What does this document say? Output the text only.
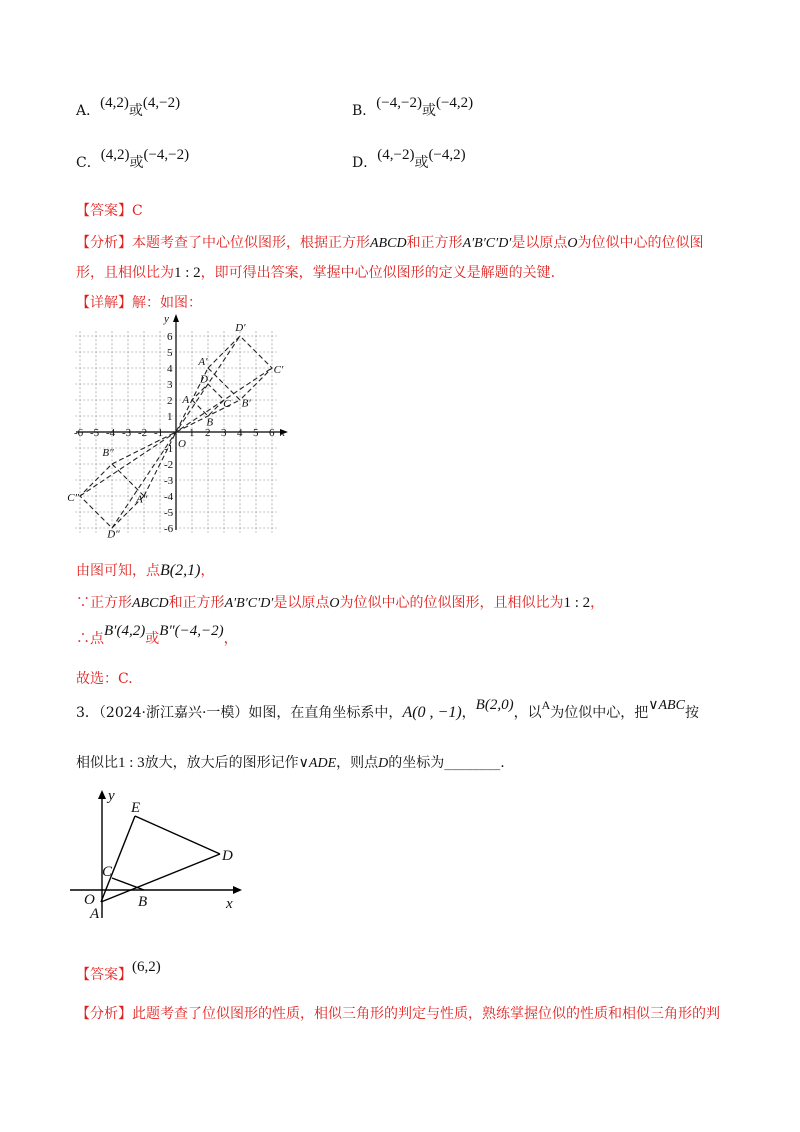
A．(4,2)或(4,−2)	B．(−4,−2)或(−4,2)
C．(4,2)或(−4,−2)	D．(4,−2)或(−4,2)
【答案】C
【分析】本题考查了中心位似图形，根据正方形ABCD和正方形A′B′C′D′是以原点O为位似中心的位似图
形，且相似比为1 : 2，即可得出答案，掌握中心位似图形的定义是解题的关键.
【详解】解：如图：
-6 -5 -4 -3 -2 -1 1 2 3 4 5 6
6
5
4
3
2
1
-1
-2
-3
-4
-5
-6
x
y
O
A
B
C
D
A′
B′
C′
D′
A″
B″
C″
D″
由图可知，点B(2,1)，
∵正方形ABCD和正方形A′B′C′D′是以原点O为位似中心的位似图形，且相似比为1 : 2，
∴点B′(4,2)或B″(−4,−2)，
故选：C.
3．（2024·浙江嘉兴·一模）如图，在直角坐标系中，A(0 , −1)，B(2,0)，以A为位似中心，把∨ABC按
相似比1 : 3放大，放大后的图形记作∨ADE，则点D的坐标为________.
y
x
O
A
B
C
D
E
【答案】(6,2)
【分析】此题考查了位似图形的性质，相似三角形的判定与性质，熟练掌握位似的性质和相似三角形的判
